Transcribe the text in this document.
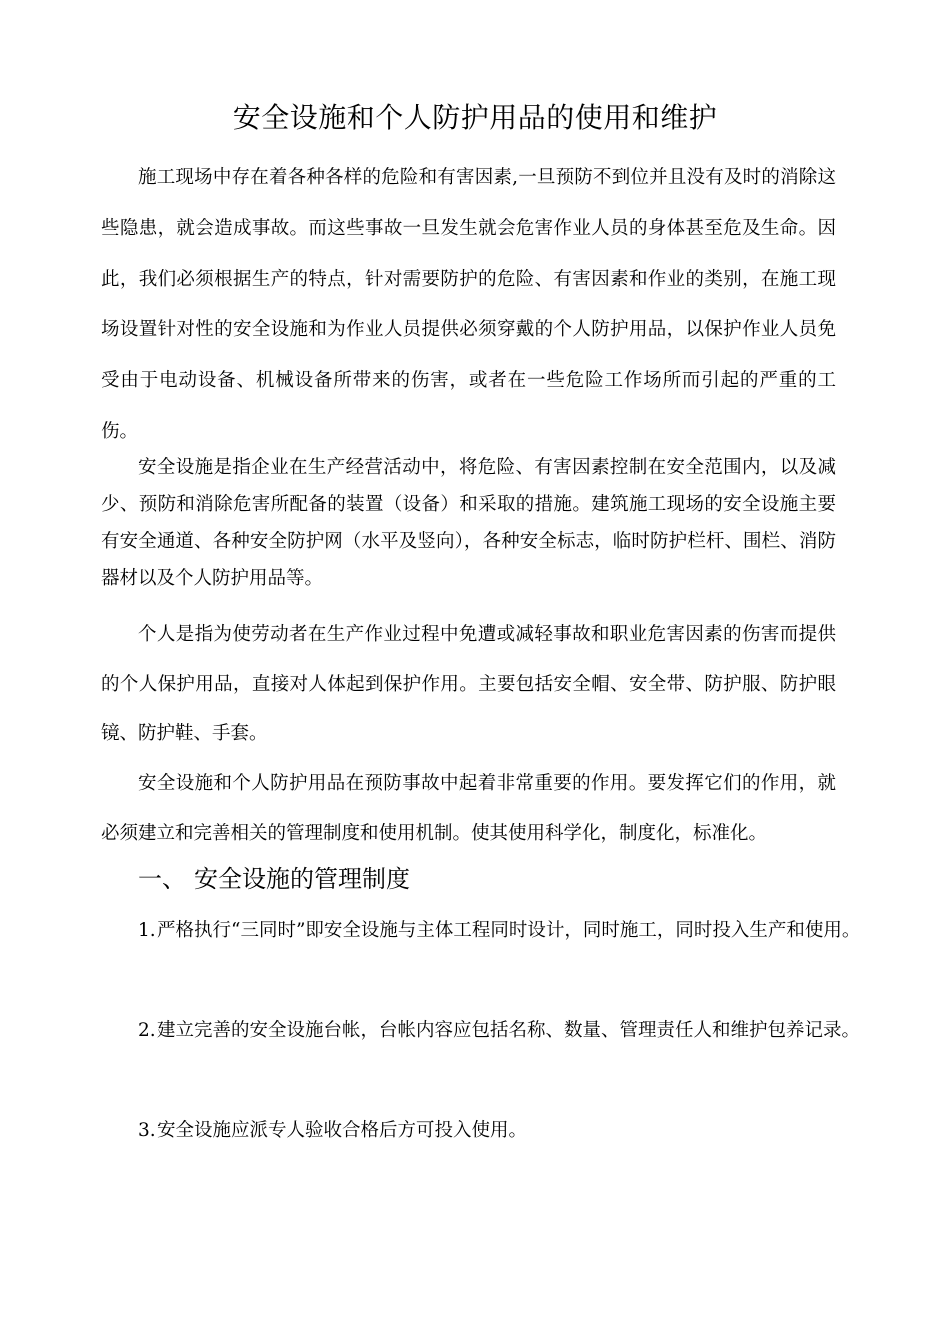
安全设施和个人防护用品的使用和维护

施工现场中存在着各种各样的危险和有害因素,一旦预防不到位并且没有及时的消除这些隐患，就会造成事故。而这些事故一旦发生就会危害作业人员的身体甚至危及生命。因此，我们必须根据生产的特点，针对需要防护的危险、有害因素和作业的类别，在施工现场设置针对性的安全设施和为作业人员提供必须穿戴的个人防护用品，以保护作业人员免受由于电动设备、机械设备所带来的伤害，或者在一些危险工作场所而引起的严重的工伤。

安全设施是指企业在生产经营活动中，将危险、有害因素控制在安全范围内，以及减少、预防和消除危害所配备的装置（设备）和采取的措施。建筑施工现场的安全设施主要有安全通道、各种安全防护网（水平及竖向），各种安全标志，临时防护栏杆、围栏、消防器材以及个人防护用品等。

个人是指为使劳动者在生产作业过程中免遭或减轻事故和职业危害因素的伤害而提供的个人保护用品，直接对人体起到保护作用。主要包括安全帽、安全带、防护服、防护眼镜、防护鞋、手套。

安全设施和个人防护用品在预防事故中起着非常重要的作用。要发挥它们的作用，就必须建立和完善相关的管理制度和使用机制。使其使用科学化，制度化，标准化。

一、 安全设施的管理制度
1.严格执行“三同时”即安全设施与主体工程同时设计，同时施工，同时投入生产和使用。
2.建立完善的安全设施台帐，台帐内容应包括名称、数量、管理责任人和维护包养记录。
3.安全设施应派专人验收合格后方可投入使用。
